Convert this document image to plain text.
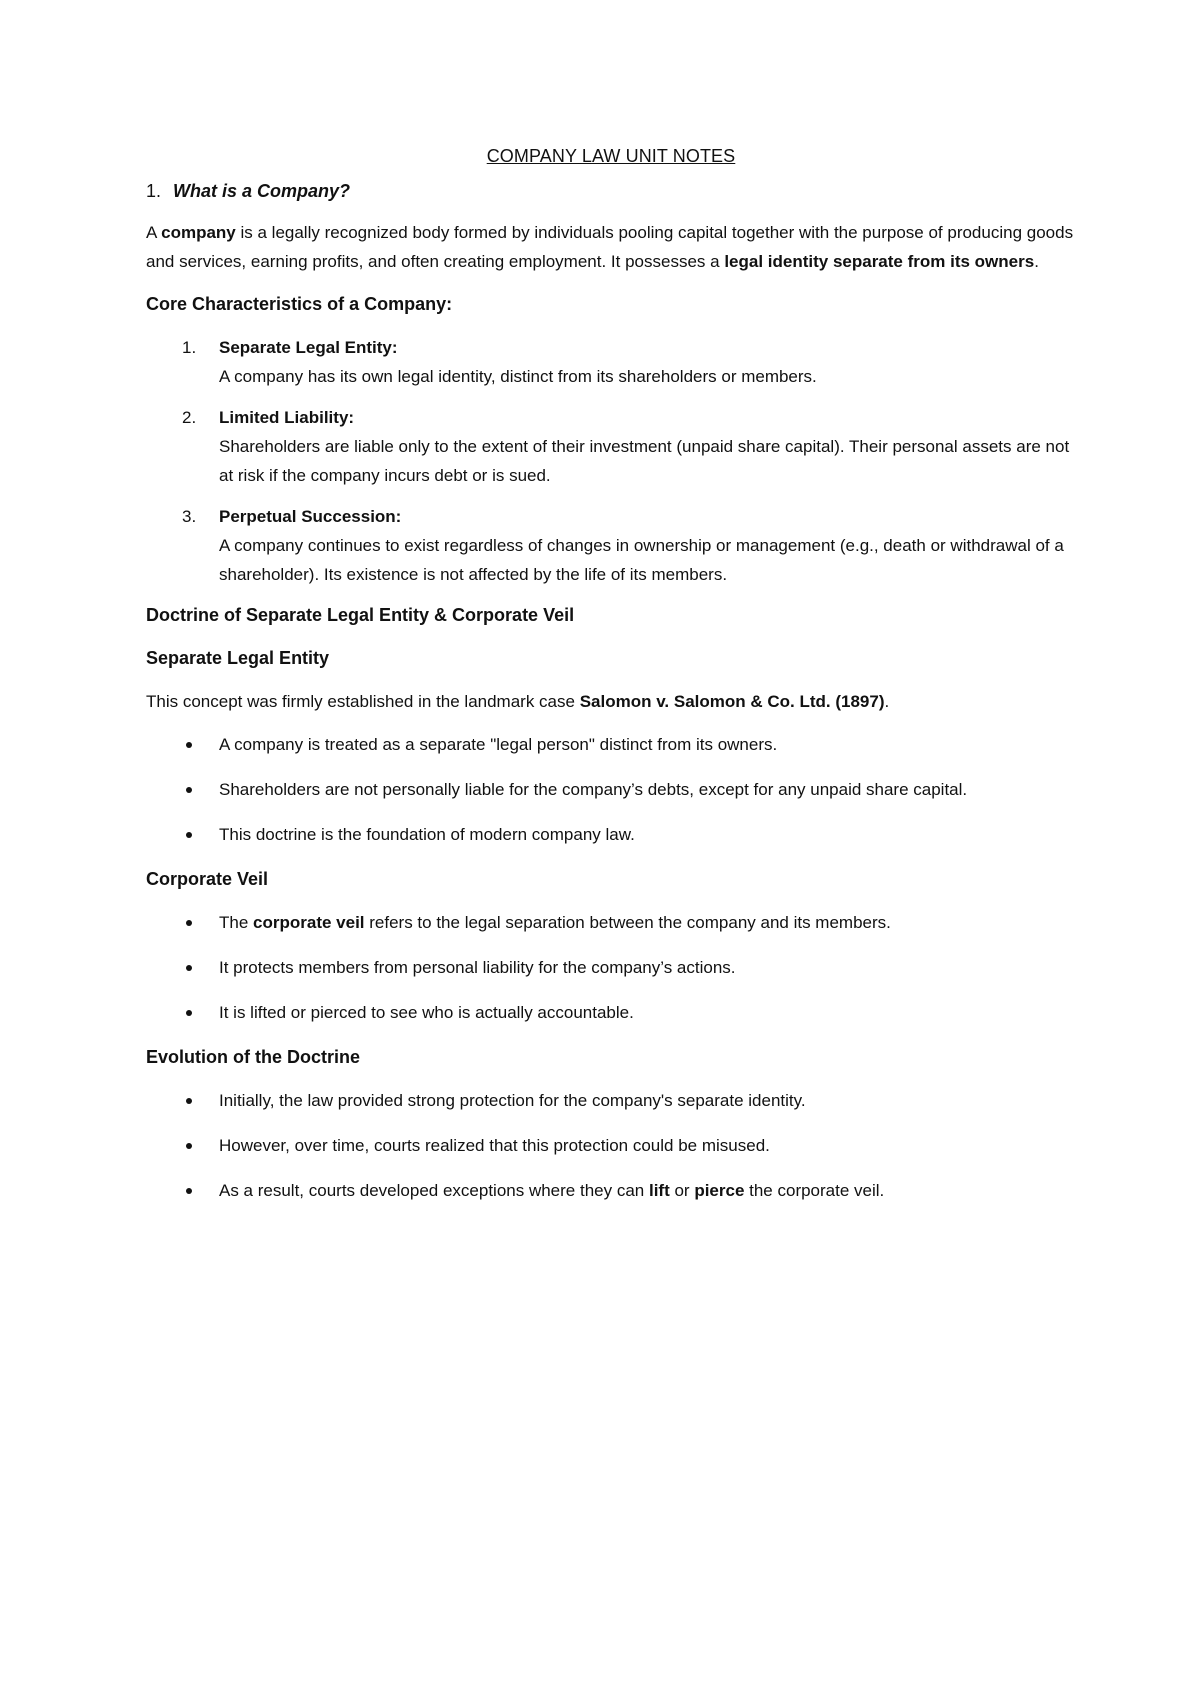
COMPANY LAW UNIT NOTES
1. What is a Company?

A company is a legally recognized body formed by individuals pooling capital together with the purpose of producing goods and services, earning profits, and often creating employment. It possesses a legal identity separate from its owners.

Core Characteristics of a Company:
1. Separate Legal Entity:
A company has its own legal identity, distinct from its shareholders or members.
2. Limited Liability:
Shareholders are liable only to the extent of their investment (unpaid share capital). Their personal assets are not at risk if the company incurs debt or is sued.
3. Perpetual Succession:
A company continues to exist regardless of changes in ownership or management (e.g., death or withdrawal of a shareholder). Its existence is not affected by the life of its members.
Doctrine of Separate Legal Entity & Corporate Veil
Separate Legal Entity

This concept was firmly established in the landmark case Salomon v. Salomon & Co. Ltd. (1897).

A company is treated as a separate "legal person" distinct from its owners.
Shareholders are not personally liable for the company’s debts, except for any unpaid share capital.
This doctrine is the foundation of modern company law.
Corporate Veil
The corporate veil refers to the legal separation between the company and its members.
It protects members from personal liability for the company’s actions.
It is lifted or pierced to see who is actually accountable.
Evolution of the Doctrine
Initially, the law provided strong protection for the company's separate identity.
However, over time, courts realized that this protection could be misused.
As a result, courts developed exceptions where they can lift or pierce the corporate veil.
